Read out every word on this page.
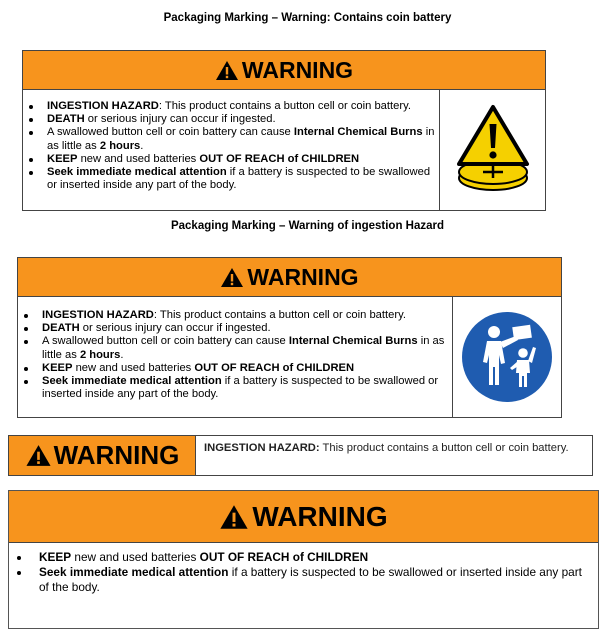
Packaging Marking – Warning: Contains coin battery
WARNING
INGESTION HAZARD: This product contains a button cell or coin battery.
DEATH or serious injury can occur if ingested.
A swallowed button cell or coin battery can cause Internal Chemical Burns in as little as 2 hours.
KEEP new and used batteries OUT OF REACH of CHILDREN
Seek immediate medical attention if a battery is suspected to be swallowed or inserted inside any part of the body.
Packaging Marking – Warning of ingestion Hazard
WARNING
INGESTION HAZARD: This product contains a button cell or coin battery.
DEATH or serious injury can occur if ingested.
A swallowed button cell or coin battery can cause Internal Chemical Burns in as little as 2 hours.
KEEP new and used batteries OUT OF REACH of CHILDREN
Seek immediate medical attention if a battery is suspected to be swallowed or inserted inside any part of the body.
WARNING	INGESTION HAZARD: This product contains a button cell or coin battery.
WARNING
KEEP new and used batteries OUT OF REACH of CHILDREN
Seek immediate medical attention if a battery is suspected to be swallowed or inserted inside any part of the body.
